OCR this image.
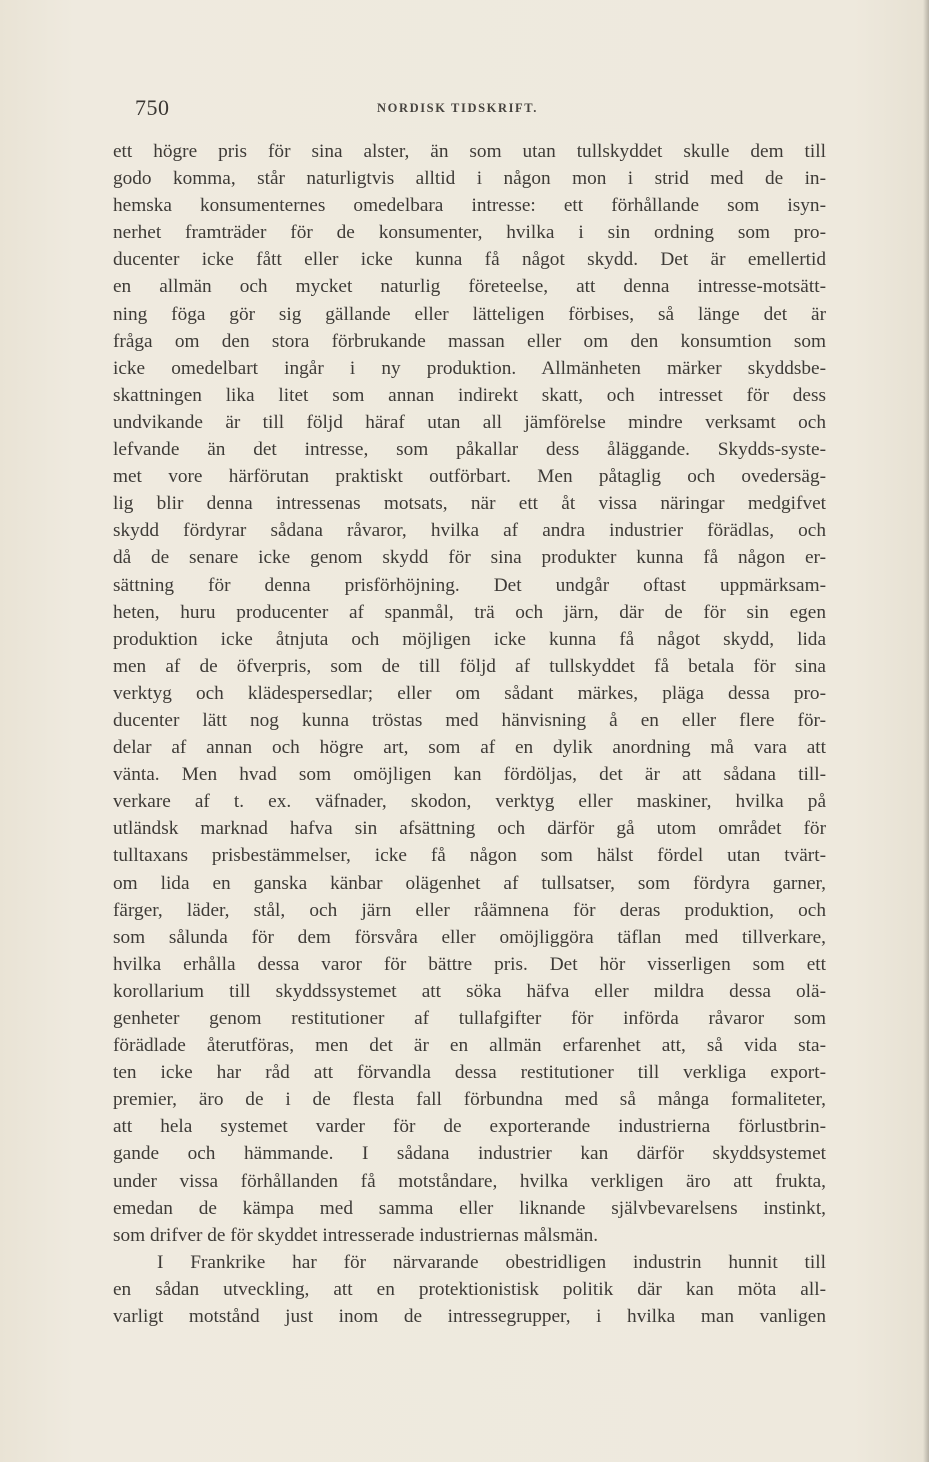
750	NORDISK TIDSKRIFT.
ett högre pris för sina alster, än som utan tullskyddet skulle dem till
godo komma, står naturligtvis alltid i någon mon i strid med de in-
hemska konsumenternes omedelbara intresse: ett förhållande som isyn-
nerhet framträder för de konsumenter, hvilka i sin ordning som pro-
ducenter icke fått eller icke kunna få något skydd. Det är emellertid
en allmän och mycket naturlig företeelse, att denna intresse-motsätt-
ning föga gör sig gällande eller lätteligen förbises, så länge det är
fråga om den stora förbrukande massan eller om den konsumtion som
icke omedelbart ingår i ny produktion. Allmänheten märker skyddsbe-
skattningen lika litet som annan indirekt skatt, och intresset för dess
undvikande är till följd häraf utan all jämförelse mindre verksamt och
lefvande än det intresse, som påkallar dess åläggande. Skydds-syste-
met vore härförutan praktiskt outförbart. Men påtaglig och ovedersäg-
lig blir denna intressenas motsats, när ett åt vissa näringar medgifvet
skydd fördyrar sådana råvaror, hvilka af andra industrier förädlas, och
då de senare icke genom skydd för sina produkter kunna få någon er-
sättning för denna prisförhöjning. Det undgår oftast uppmärksam-
heten, huru producenter af spanmål, trä och järn, där de för sin egen
produktion icke åtnjuta och möjligen icke kunna få något skydd, lida
men af de öfverpris, som de till följd af tullskyddet få betala för sina
verktyg och klädespersedlar; eller om sådant märkes, pläga dessa pro-
ducenter lätt nog kunna tröstas med hänvisning å en eller flere för-
delar af annan och högre art, som af en dylik anordning må vara att
vänta. Men hvad som omöjligen kan fördöljas, det är att sådana till-
verkare af t. ex. väfnader, skodon, verktyg eller maskiner, hvilka på
utländsk marknad hafva sin afsättning och därför gå utom området för
tulltaxans prisbestämmelser, icke få någon som hälst fördel utan tvärt-
om lida en ganska känbar olägenhet af tullsatser, som fördyra garner,
färger, läder, stål, och järn eller råämnena för deras produktion, och
som sålunda för dem försvåra eller omöjliggöra täflan med tillverkare,
hvilka erhålla dessa varor för bättre pris. Det hör visserligen som ett
korollarium till skyddssystemet att söka häfva eller mildra dessa olä-
genheter genom restitutioner af tullafgifter för införda råvaror som
förädlade återutföras, men det är en allmän erfarenhet att, så vida sta-
ten icke har råd att förvandla dessa restitutioner till verkliga export-
premier, äro de i de flesta fall förbundna med så många formaliteter,
att hela systemet varder för de exporterande industrierna förlustbrin-
gande och hämmande. I sådana industrier kan därför skyddsystemet
under vissa förhållanden få motståndare, hvilka verkligen äro att frukta,
emedan de kämpa med samma eller liknande självbevarelsens instinkt,
som drifver de för skyddet intresserade industriernas målsmän.
I Frankrike har för närvarande obestridligen industrin hunnit till
en sådan utveckling, att en protektionistisk politik där kan möta all-
varligt motstånd just inom de intressegrupper, i hvilka man vanligen
